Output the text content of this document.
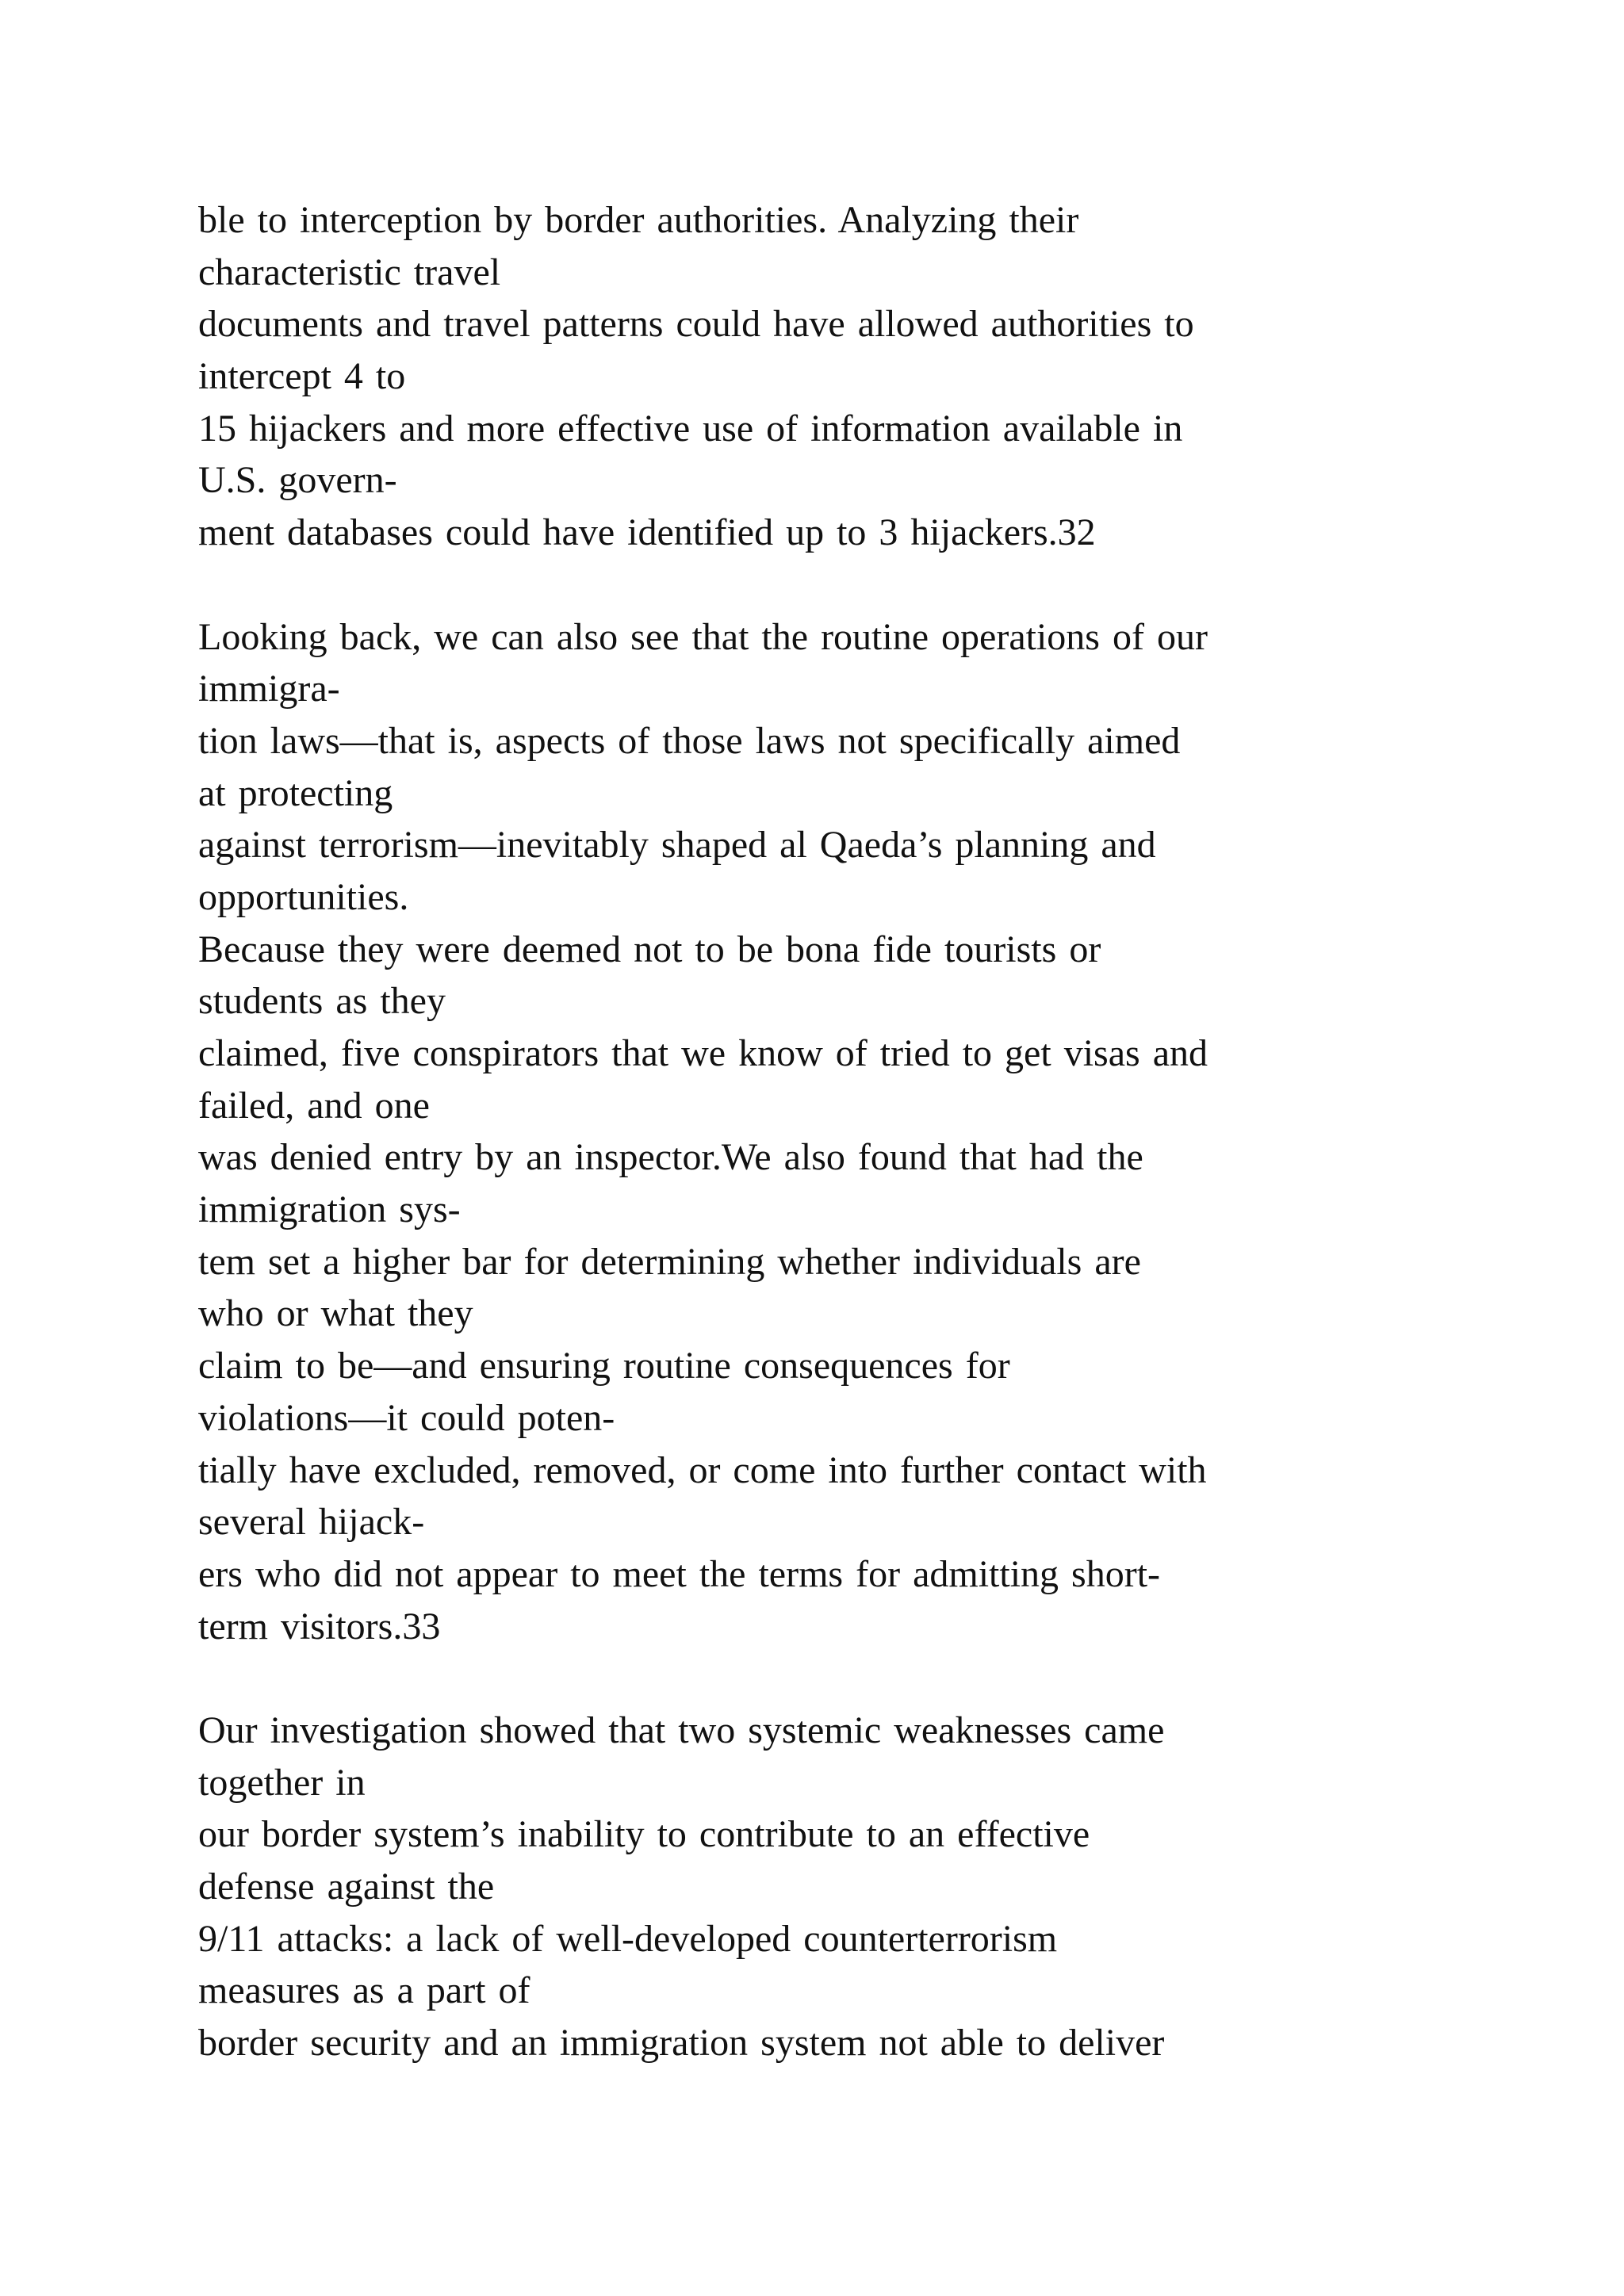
ble to interception by border authorities. Analyzing their
characteristic travel
documents and travel patterns could have allowed authorities to
intercept 4 to
15 hijackers and more effective use of information available in
U.S. govern-
ment databases could have identified up to 3 hijackers.32
Looking back, we can also see that the routine operations of our
immigra-
tion laws—that is, aspects of those laws not specifically aimed
at protecting
against terrorism—inevitably shaped al Qaeda’s planning and
opportunities.
Because they were deemed not to be bona fide tourists or
students as they
claimed, five conspirators that we know of tried to get visas and
failed, and one
was denied entry by an inspector.We also found that had the
immigration sys-
tem set a higher bar for determining whether individuals are
who or what they
claim to be—and ensuring routine consequences for
violations—it could poten-
tially have excluded, removed, or come into further contact with
several hijack-
ers who did not appear to meet the terms for admitting short-
term visitors.33
Our investigation showed that two systemic weaknesses came
together in
our border system’s inability to contribute to an effective
defense against the
9/11 attacks: a lack of well-developed counterterrorism
measures as a part of
border security and an immigration system not able to deliver
